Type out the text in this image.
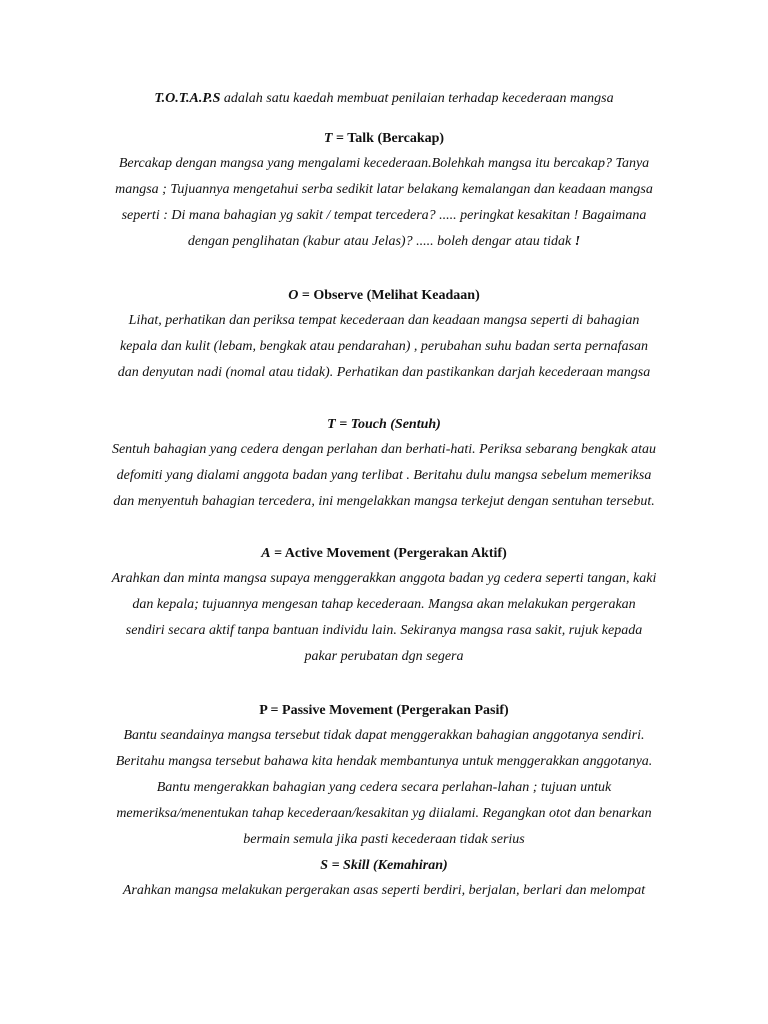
T.O.T.A.P.S adalah satu kaedah membuat penilaian terhadap kecederaan mangsa
T = Talk (Bercakap)
Bercakap dengan mangsa yang mengalami kecederaan.Bolehkah mangsa itu bercakap? Tanya
mangsa ; Tujuannya mengetahui serba sedikit latar belakang kemalangan dan keadaan mangsa
seperti : Di mana bahagian yg sakit / tempat tercedera? ..... peringkat kesakitan ! Bagaimana
dengan penglihatan (kabur atau Jelas)? ..... boleh dengar atau tidak !
O = Observe (Melihat Keadaan)
Lihat, perhatikan dan periksa tempat kecederaan dan keadaan mangsa seperti di bahagian
kepala dan kulit (lebam, bengkak atau pendarahan) , perubahan suhu badan serta pernafasan
dan denyutan nadi (nomal atau tidak). Perhatikan dan pastikankan darjah kecederaan mangsa
T = Touch (Sentuh)
Sentuh bahagian yang cedera dengan perlahan dan berhati-hati. Periksa sebarang bengkak atau
defomiti yang dialami anggota badan yang terlibat . Beritahu dulu mangsa sebelum memeriksa
dan menyentuh bahagian tercedera, ini mengelakkan mangsa terkejut dengan sentuhan tersebut.
A = Active Movement (Pergerakan Aktif)
Arahkan dan minta mangsa supaya menggerakkan anggota badan yg cedera seperti tangan, kaki
dan kepala; tujuannya mengesan tahap kecederaan. Mangsa akan melakukan pergerakan
sendiri secara aktif tanpa bantuan individu lain. Sekiranya mangsa rasa sakit, rujuk kepada
pakar perubatan dgn segera
P = Passive Movement (Pergerakan Pasif)
Bantu seandainya mangsa tersebut tidak dapat menggerakkan bahagian anggotanya sendiri.
Beritahu mangsa tersebut bahawa kita hendak membantunya untuk menggerakkan anggotanya.
Bantu mengerakkan bahagian yang cedera secara perlahan-lahan ; tujuan untuk
memeriksa/menentukan tahap kecederaan/kesakitan yg diialami. Regangkan otot dan benarkan
bermain semula jika pasti kecederaan tidak serius
S = Skill (Kemahiran)
Arahkan mangsa melakukan pergerakan asas seperti berdiri, berjalan, berlari dan melompat
